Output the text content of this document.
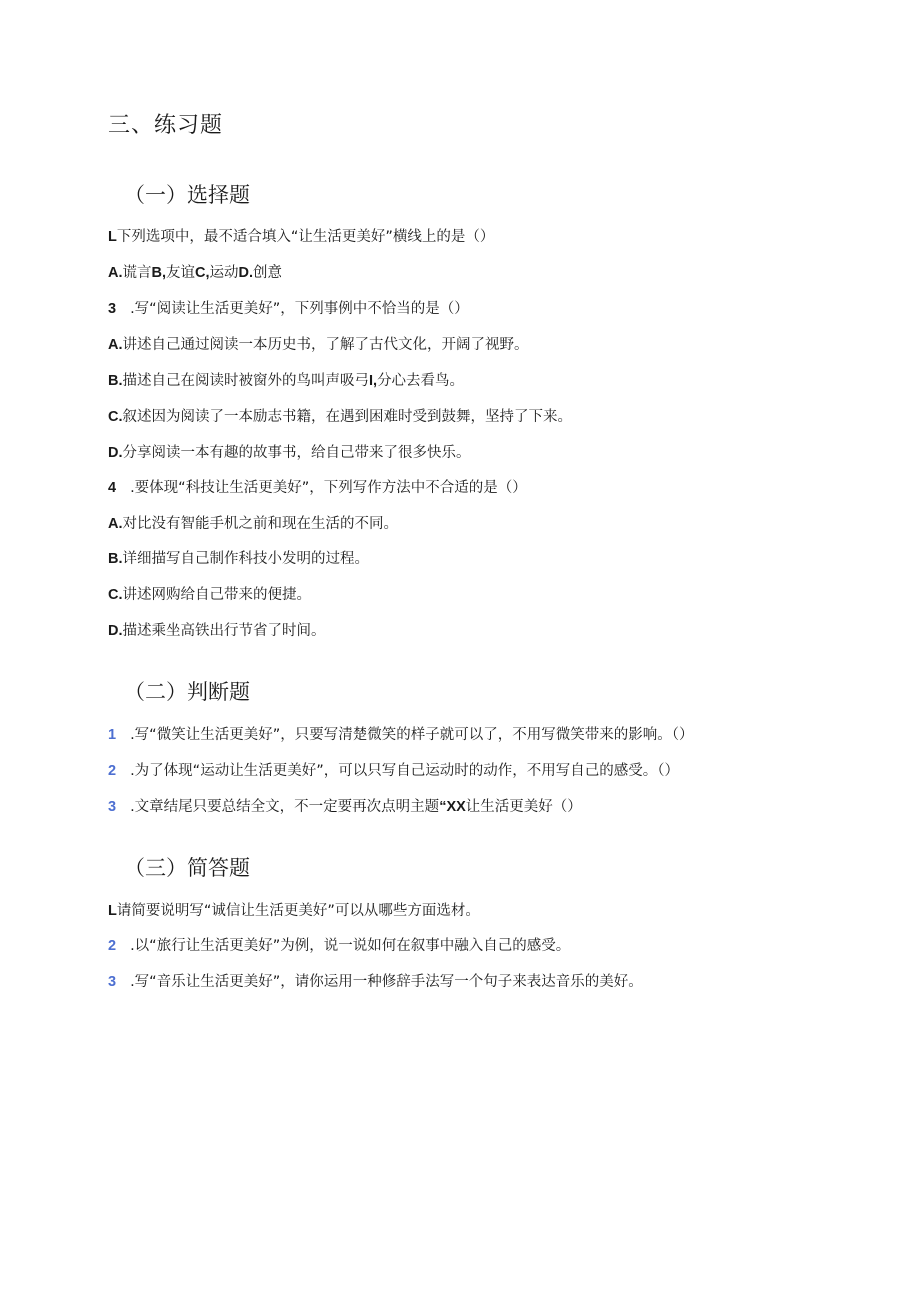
三、练习题
（一）选择题

L下列选项中，最不适合填入“让生活更美好”横线上的是（）

A.谎言B,友谊C,运动D.创意

3 .写“阅读让生活更美好”，下列事例中不恰当的是（）

A.讲述自己通过阅读一本历史书，了解了古代文化，开阔了视野。

B.描述自己在阅读时被窗外的鸟叫声吸弓I,分心去看鸟。

C.叙述因为阅读了一本励志书籍，在遇到困难时受到鼓舞，坚持了下来。

D.分享阅读一本有趣的故事书，给自己带来了很多快乐。

4 .要体现“科技让生活更美好”，下列写作方法中不合适的是（）

A.对比没有智能手机之前和现在生活的不同。

B.详细描写自己制作科技小发明的过程。

C.讲述网购给自己带来的便捷。

D.描述乘坐高铁出行节省了时间。

（二）判断题

1 .写“微笑让生活更美好”，只要写清楚微笑的样子就可以了，不用写微笑带来的影响。（）

2 .为了体现“运动让生活更美好”，可以只写自己运动时的动作，不用写自己的感受。（）

3 .文章结尾只要总结全文，不一定要再次点明主题“XX让生活更美好（）

（三）简答题

L请简要说明写“诚信让生活更美好”可以从哪些方面选材。

2 .以“旅行让生活更美好”为例，说一说如何在叙事中融入自己的感受。

3 .写“音乐让生活更美好”，请你运用一种修辞手法写一个句子来表达音乐的美好。
